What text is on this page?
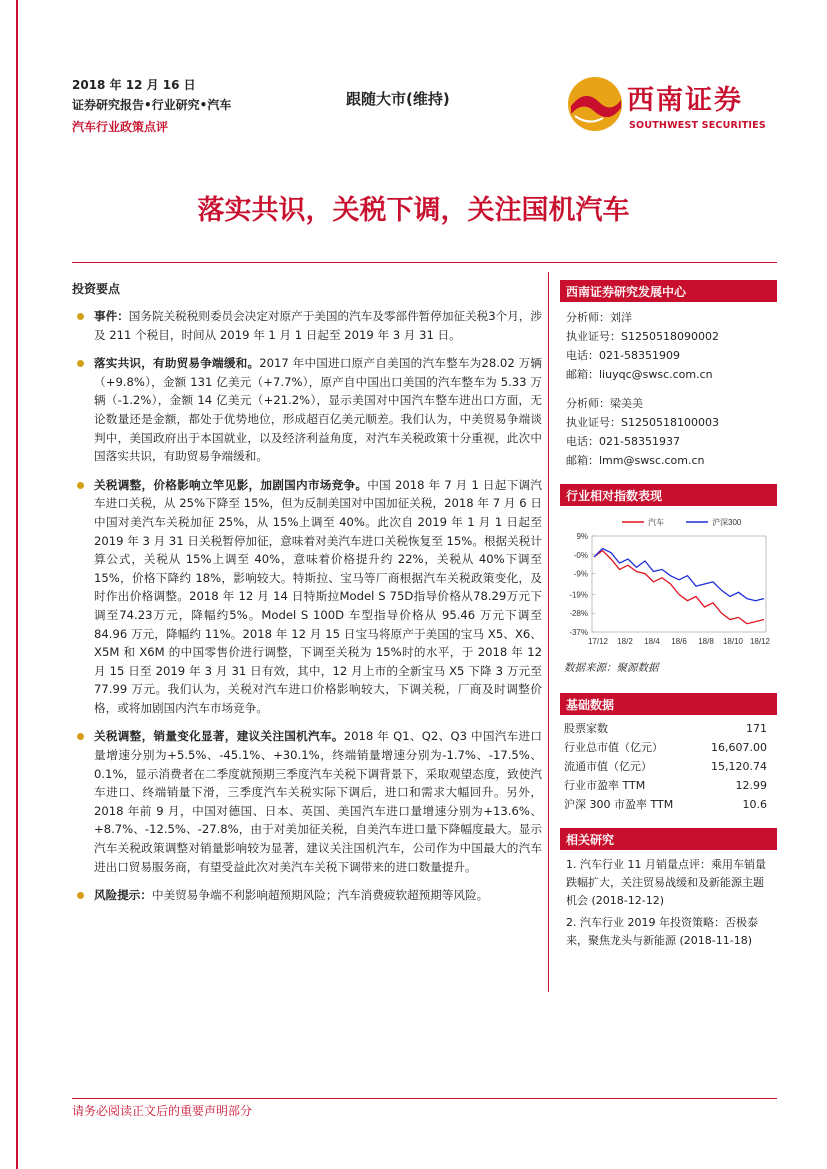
2018 年 12 月 16 日
证券研究报告•行业研究•汽车
汽车行业政策点评
跟随大市(维持)	西南证券
SOUTHWEST SECURITIES
落实共识，关税下调，关注国机汽车
投资要点
事件：国务院关税税则委员会决定对原产于美国的汽车及零部件暂停加征关税3个月，涉及 211 个税目，时间从 2019 年 1 月 1 日起至 2019 年 3 月 31 日。
落实共识，有助贸易争端缓和。2017 年中国进口原产自美国的汽车整车为28.02 万辆（+9.8%），金额 131 亿美元（+7.7%），原产自中国出口美国的汽车整车为 5.33 万辆（-1.2%），金额 14 亿美元（+21.2%），显示美国对中国汽车整车进出口方面，无论数量还是金额，都处于优势地位，形成超百亿美元顺差。我们认为，中美贸易争端谈判中，美国政府出于本国就业，以及经济利益角度，对汽车关税政策十分重视，此次中国落实共识，有助贸易争端缓和。
关税调整，价格影响立竿见影，加剧国内市场竞争。中国 2018 年 7 月 1 日起下调汽车进口关税，从 25%下降至 15%，但为反制美国对中国加征关税，2018 年 7 月 6 日中国对美汽车关税加征 25%，从 15%上调至 40%。此次自 2019 年 1 月 1 日起至 2019 年 3 月 31 日关税暂停加征，意味着对美汽车进口关税恢复至 15%。根据关税计算公式，关税从 15%上调至 40%，意味着价格提升约 22%，关税从 40%下调至 15%，价格下降约 18%，影响较大。特斯拉、宝马等厂商根据汽车关税政策变化，及时作出价格调整。2018 年 12 月 14 日特斯拉Model S 75D指导价格从78.29万元下调至74.23万元，降幅约5%。Model S 100D 车型指导价格从 95.46 万元下调至 84.96 万元，降幅约 11%。2018 年 12 月 15 日宝马将原产于美国的宝马 X5、X6、X5M 和 X6M 的中国零售价进行调整，下调至关税为 15%时的水平，于 2018 年 12 月 15 日至 2019 年 3 月 31 日有效，其中，12 月上市的全新宝马 X5 下降 3 万元至 77.99 万元。我们认为，关税对汽车进口价格影响较大，下调关税，厂商及时调整价格，或将加剧国内汽车市场竞争。
关税调整，销量变化显著，建议关注国机汽车。2018 年 Q1、Q2、Q3 中国汽车进口量增速分别为+5.5%、-45.1%、+30.1%，终端销量增速分别为-1.7%、-17.5%、0.1%，显示消费者在二季度就预期三季度汽车关税下调背景下，采取观望态度，致使汽车进口、终端销量下滑，三季度汽车关税实际下调后，进口和需求大幅回升。另外，2018 年前 9 月，中国对德国、日本、英国、美国汽车进口量增速分别为+13.6%、+8.7%、-12.5%、-27.8%，由于对美加征关税，自美汽车进口量下降幅度最大。显示汽车关税政策调整对销量影响较为显著，建议关注国机汽车，公司作为中国最大的汽车进出口贸易服务商，有望受益此次对美汽车关税下调带来的进口数量提升。
风险提示：中美贸易争端不利影响超预期风险；汽车消费疲软超预期等风险。
西南证券研究发展中心
分析师：刘洋
执业证号：S1250518090002
电话：021-58351909
邮箱：liuyqc@swsc.com.cn
分析师：梁美美
执业证号：S1250518100003
电话：021-58351937
邮箱：lmm@swsc.com.cn
行业相对指数表现
9%
-0%
-9%
-19%
-28%
-37%
17/12 18/2 18/4 18/6 18/8 18/10 18/12
汽车	沪深300
数据来源：聚源数据
基础数据
股票家数	171
行业总市值（亿元）	16,607.00
流通市值（亿元）	15,120.74
行业市盈率 TTM	12.99
沪深 300 市盈率 TTM	10.6
相关研究
1. 汽车行业 11 月销量点评：乘用车销量跌幅扩大，关注贸易战缓和及新能源主题机会 (2018-12-12)
2. 汽车行业 2019 年投资策略：否极泰来，聚焦龙头与新能源 (2018-11-18)
请务必阅读正文后的重要声明部分
